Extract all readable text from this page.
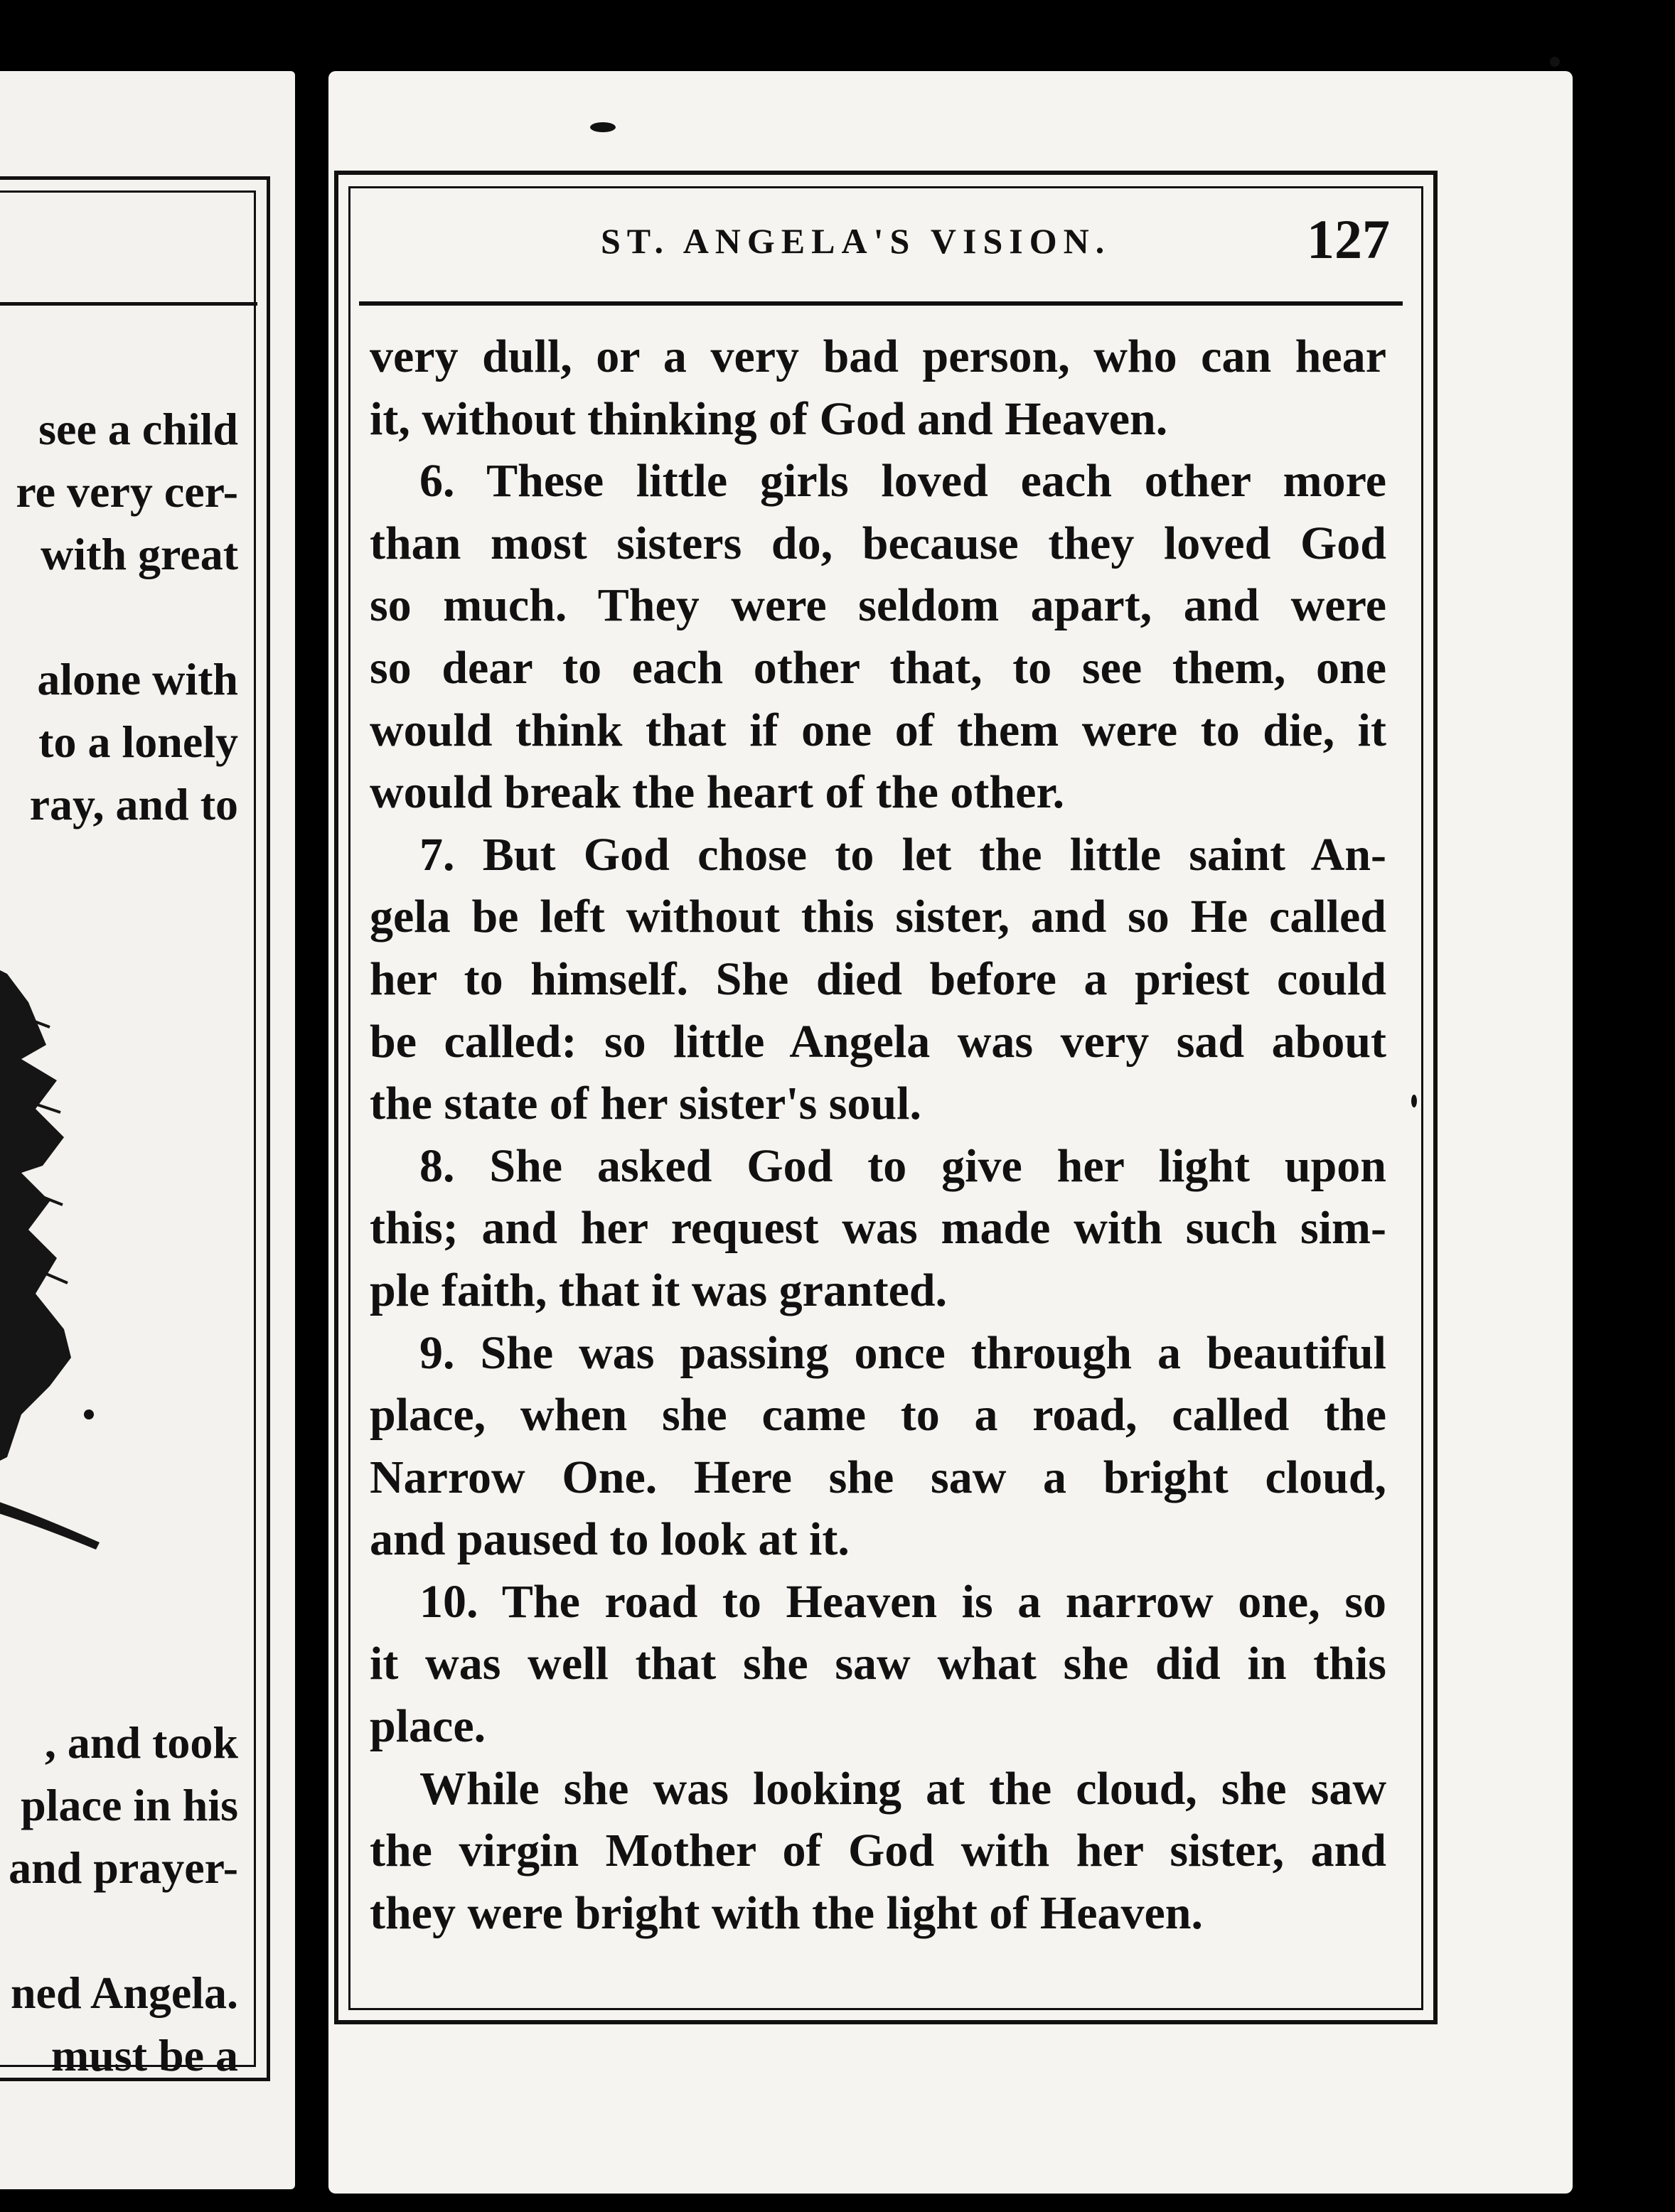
see a child
re very cer-
with great
alone with
to a lonely
ray, and to
, and took
place in his
and prayer-
ned Angela.
must be a
ST. ANGELA'S VISION.	127
very dull, or a very bad person, who can hear
it, without thinking of God and Heaven.
6. These little girls loved each other more
than most sisters do, because they loved God
so much. They were seldom apart, and were
so dear to each other that, to see them, one
would think that if one of them were to die, it
would break the heart of the other.
7. But God chose to let the little saint An-
gela be left without this sister, and so He called
her to himself. She died before a priest could
be called: so little Angela was very sad about
the state of her sister's soul.
8. She asked God to give her light upon
this; and her request was made with such sim-
ple faith, that it was granted.
9. She was passing once through a beautiful
place, when she came to a road, called the
Narrow One. Here she saw a bright cloud,
and paused to look at it.
10. The road to Heaven is a narrow one, so
it was well that she saw what she did in this
place.
While she was looking at the cloud, she saw
the virgin Mother of God with her sister, and
they were bright with the light of Heaven.
